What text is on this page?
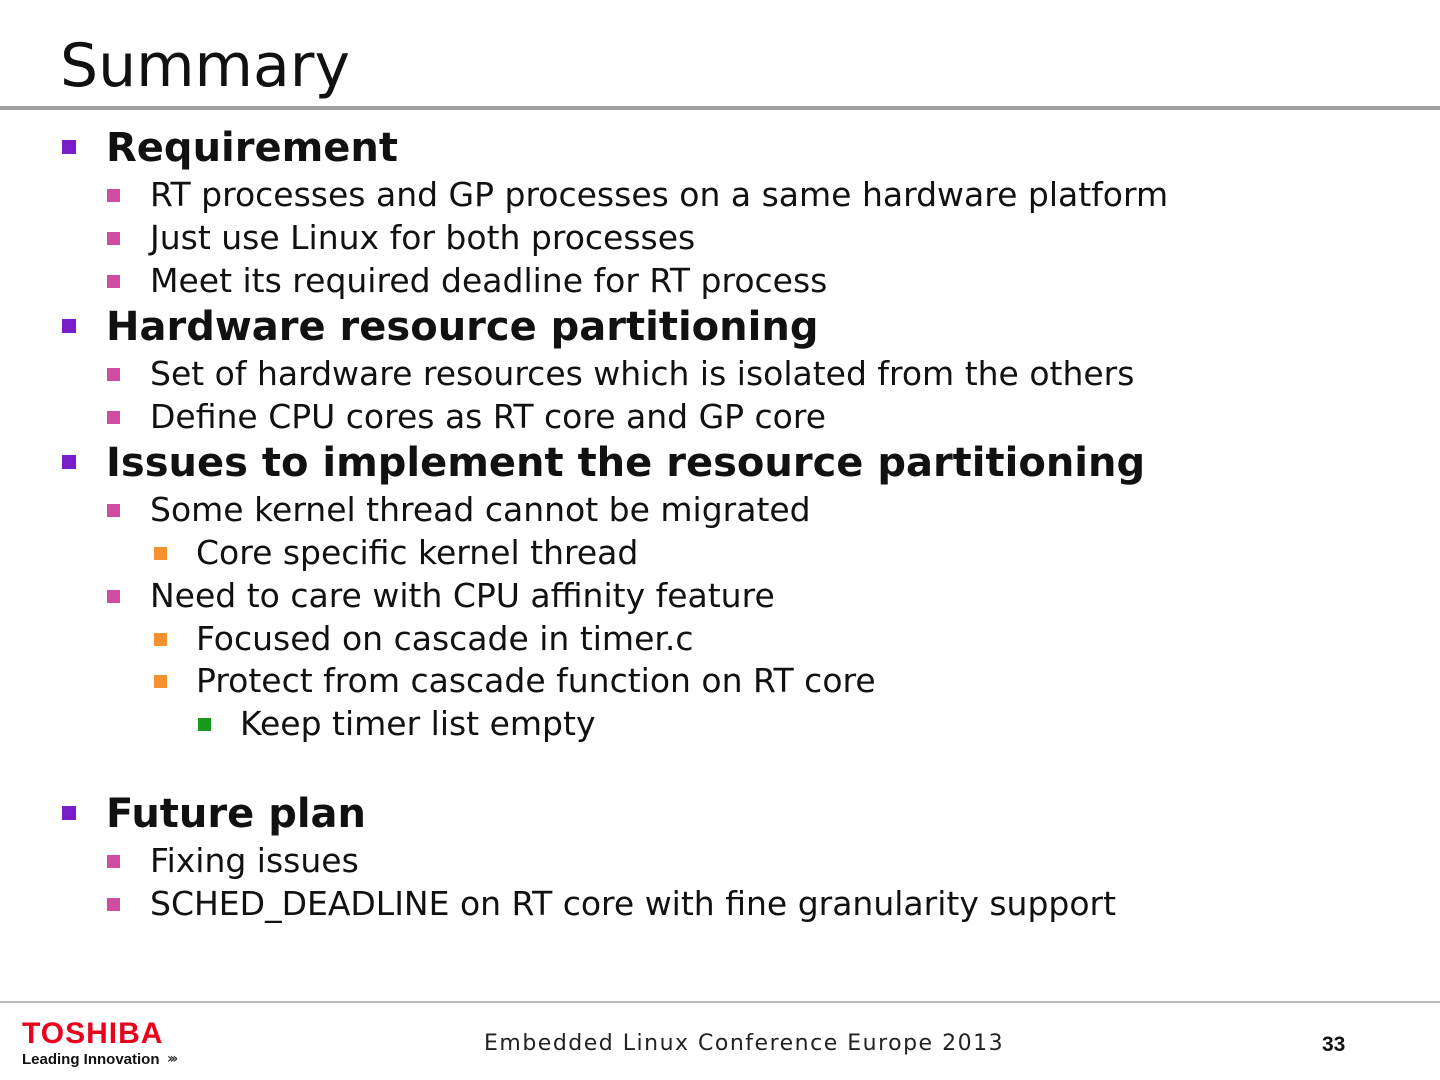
Summary
Requirement
RT processes and GP processes on a same hardware platform
Just use Linux for both processes
Meet its required deadline for RT process
Hardware resource partitioning
Set of hardware resources which is isolated from the others
Define CPU cores as RT core and GP core
Issues to implement the resource partitioning
Some kernel thread cannot be migrated
Core specific kernel thread
Need to care with CPU affinity feature
Focused on cascade in timer.c
Protect from cascade function on RT core
Keep timer list empty
Future plan
Fixing issues
SCHED_DEADLINE on RT core with fine granularity support
TOSHIBA
Leading Innovation ›››
Embedded Linux Conference Europe 2013	33
